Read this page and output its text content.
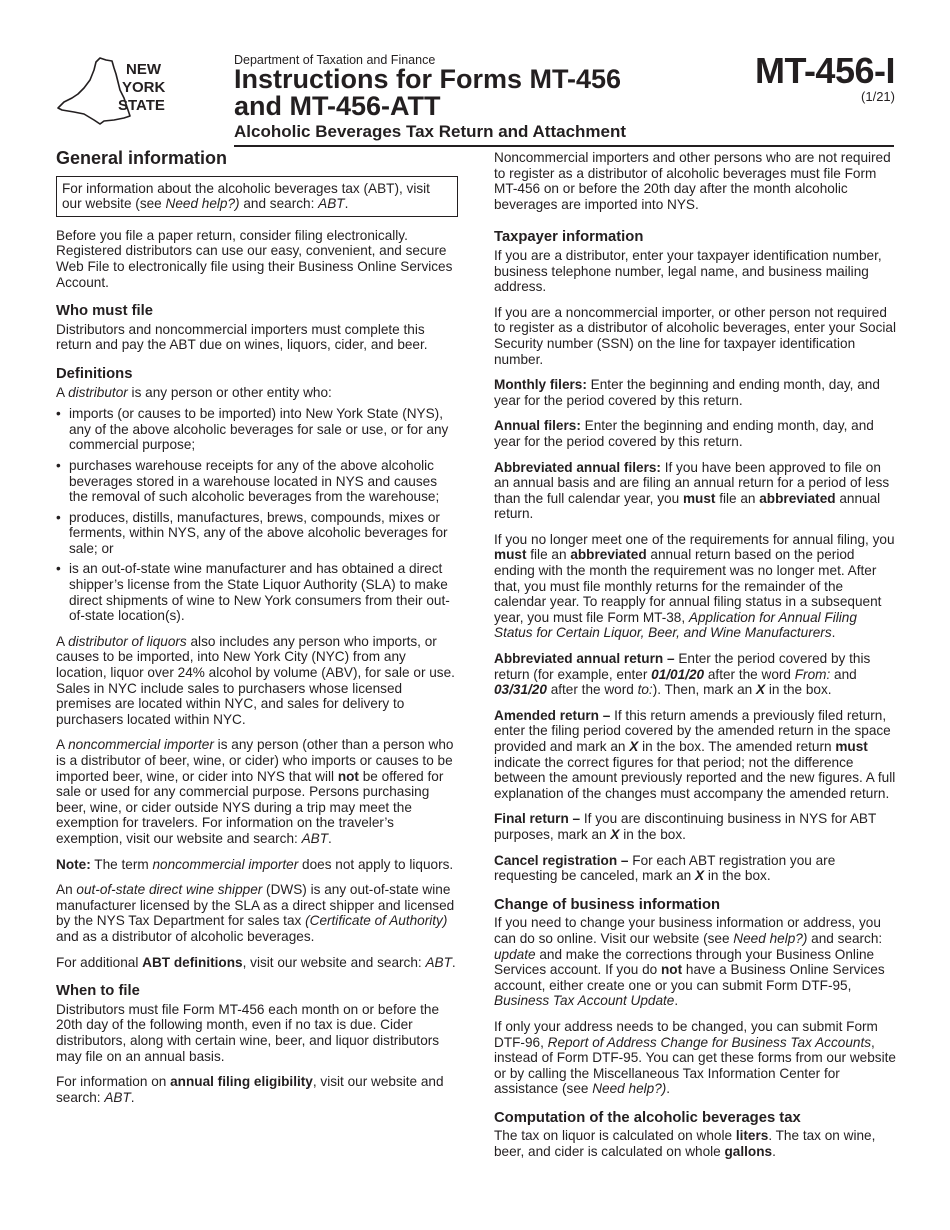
NEW
YORK
STATE
Department of Taxation and Finance
Instructions for Forms MT-456
and MT-456-ATT
Alcoholic Beverages Tax Return and Attachment
MT-456-I
(1/21)
General information
For information about the alcoholic beverages tax (ABT), visit our website (see Need help?) and search: ABT.

Before you file a paper return, consider filing electronically. Registered distributors can use our easy, convenient, and secure Web File to electronically file using their Business Online Services Account.

Who must file

Distributors and noncommercial importers must complete this return and pay the ABT due on wines, liquors, cider, and beer.

Definitions

A distributor is any person or other entity who:

• imports (or causes to be imported) into New York State (NYS), any of the above alcoholic beverages for sale or use, or for any commercial purpose;
• purchases warehouse receipts for any of the above alcoholic beverages stored in a warehouse located in NYS and causes the removal of such alcoholic beverages from the warehouse;
• produces, distills, manufactures, brews, compounds, mixes or ferments, within NYS, any of the above alcoholic beverages for sale; or
• is an out-of-state wine manufacturer and has obtained a direct shipper’s license from the State Liquor Authority (SLA) to make direct shipments of wine to New York consumers from their out-of-state location(s).

A distributor of liquors also includes any person who imports, or causes to be imported, into New York City (NYC) from any location, liquor over 24% alcohol by volume (ABV), for sale or use. Sales in NYC include sales to purchasers whose licensed premises are located within NYC, and sales for delivery to purchasers located within NYC.

A noncommercial importer is any person (other than a person who is a distributor of beer, wine, or cider) who imports or causes to be imported beer, wine, or cider into NYS that will not be offered for sale or used for any commercial purpose. Persons purchasing beer, wine, or cider outside NYS during a trip may meet the exemption for travelers. For information on the traveler’s exemption, visit our website and search: ABT.

Note: The term noncommercial importer does not apply to liquors.

An out-of-state direct wine shipper (DWS) is any out-of-state wine manufacturer licensed by the SLA as a direct shipper and licensed by the NYS Tax Department for sales tax (Certificate of Authority) and as a distributor of alcoholic beverages.

For additional ABT definitions, visit our website and search: ABT.

When to file

Distributors must file Form MT-456 each month on or before the 20th day of the following month, even if no tax is due. Cider distributors, along with certain wine, beer, and liquor distributors may file on an annual basis.

For information on annual filing eligibility, visit our website and search: ABT.

Noncommercial importers and other persons who are not required to register as a distributor of alcoholic beverages must file Form MT-456 on or before the 20th day after the month alcoholic beverages are imported into NYS.

Taxpayer information

If you are a distributor, enter your taxpayer identification number, business telephone number, legal name, and business mailing address.

If you are a noncommercial importer, or other person not required to register as a distributor of alcoholic beverages, enter your Social Security number (SSN) on the line for taxpayer identification number.

Monthly filers: Enter the beginning and ending month, day, and year for the period covered by this return.

Annual filers: Enter the beginning and ending month, day, and year for the period covered by this return.

Abbreviated annual filers: If you have been approved to file on an annual basis and are filing an annual return for a period of less than the full calendar year, you must file an abbreviated annual return.

If you no longer meet one of the requirements for annual filing, you must file an abbreviated annual return based on the period ending with the month the requirement was no longer met. After that, you must file monthly returns for the remainder of the calendar year. To reapply for annual filing status in a subsequent year, you must file Form MT-38, Application for Annual Filing Status for Certain Liquor, Beer, and Wine Manufacturers.

Abbreviated annual return – Enter the period covered by this return (for example, enter 01/01/20 after the word From: and 03/31/20 after the word to:). Then, mark an X in the box.

Amended return – If this return amends a previously filed return, enter the filing period covered by the amended return in the space provided and mark an X in the box. The amended return must indicate the correct figures for that period; not the difference between the amount previously reported and the new figures. A full explanation of the changes must accompany the amended return.

Final return – If you are discontinuing business in NYS for ABT purposes, mark an X in the box.

Cancel registration – For each ABT registration you are requesting be canceled, mark an X in the box.

Change of business information

If you need to change your business information or address, you can do so online. Visit our website (see Need help?) and search: update and make the corrections through your Business Online Services account. If you do not have a Business Online Services account, either create one or you can submit Form DTF-95, Business Tax Account Update.

If only your address needs to be changed, you can submit Form DTF-96, Report of Address Change for Business Tax Accounts, instead of Form DTF-95. You can get these forms from our website or by calling the Miscellaneous Tax Information Center for assistance (see Need help?).

Computation of the alcoholic beverages tax

The tax on liquor is calculated on whole liters. The tax on wine, beer, and cider is calculated on whole gallons.
